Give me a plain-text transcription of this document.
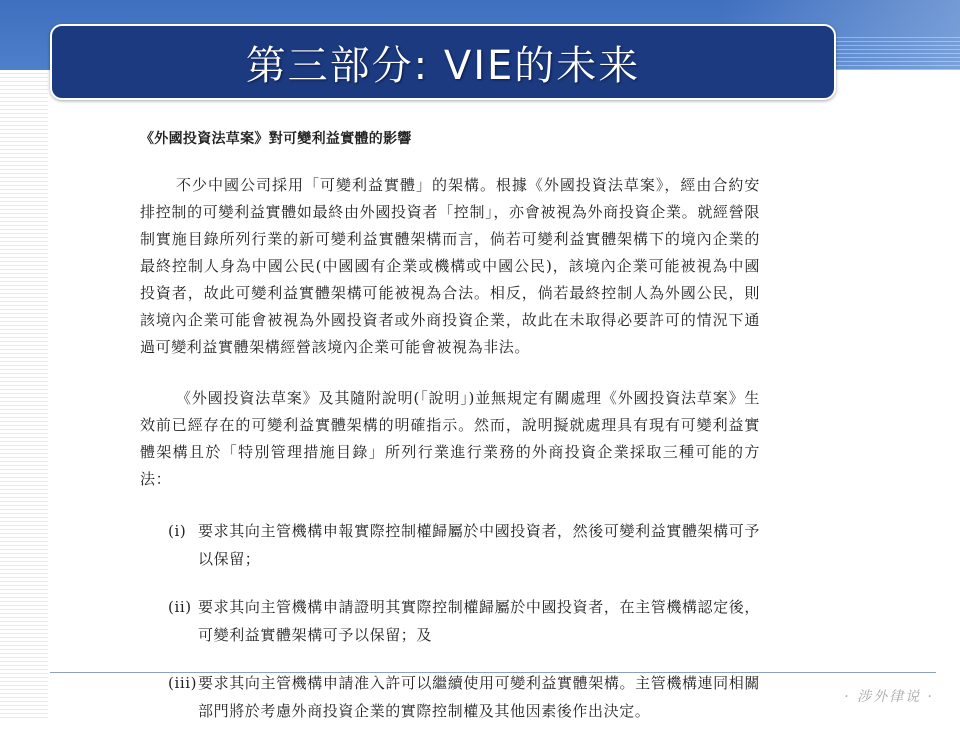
第三部分: VIE的未来
《外國投資法草案》對可變利益實體的影響

不少中國公司採用「可變利益實體」的架構。根據《外國投資法草案》，經由合約安排控制的可變利益實體如最終由外國投資者「控制」，亦會被視為外商投資企業。就經營限制實施目錄所列行業的新可變利益實體架構而言，倘若可變利益實體架構下的境內企業的最終控制人身為中國公民(中國國有企業或機構或中國公民)，該境內企業可能被視為中國投資者，故此可變利益實體架構可能被視為合法。相反，倘若最終控制人為外國公民，則該境內企業可能會被視為外國投資者或外商投資企業，故此在未取得必要許可的情況下通過可變利益實體架構經營該境內企業可能會被視為非法。

《外國投資法草案》及其隨附說明(「說明」)並無規定有關處理《外國投資法草案》生效前已經存在的可變利益實體架構的明確指示。然而，說明擬就處理具有現有可變利益實體架構且於「特別管理措施目錄」所列行業進行業務的外商投資企業採取三種可能的方法：

(i) 要求其向主管機構申報實際控制權歸屬於中國投資者，然後可變利益實體架構可予以保留；
(ii) 要求其向主管機構申請證明其實際控制權歸屬於中國投資者，在主管機構認定後，可變利益實體架構可予以保留；及
(iii) 要求其向主管機構申請准入許可以繼續使用可變利益實體架構。主管機構連同相關部門將於考慮外商投資企業的實際控制權及其他因素後作出決定。
· 涉外律说 ·
